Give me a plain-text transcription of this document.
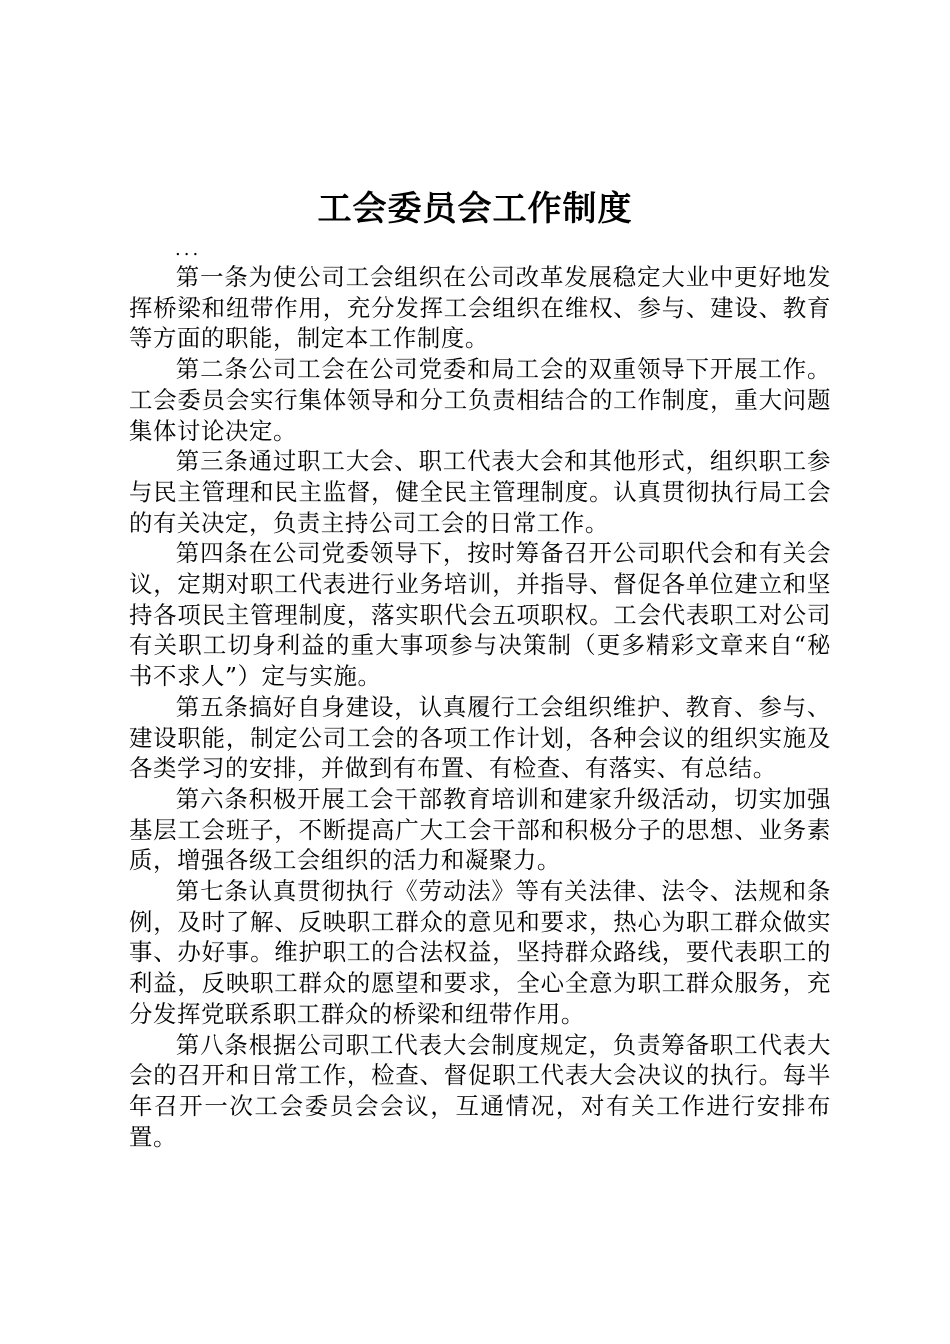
工会委员会工作制度
...

第一条为使公司工会组织在公司改革发展稳定大业中更好地发挥桥梁和纽带作用，充分发挥工会组织在维权、参与、建设、教育等方面的职能，制定本工作制度。

第二条公司工会在公司党委和局工会的双重领导下开展工作。工会委员会实行集体领导和分工负责相结合的工作制度，重大问题集体讨论决定。

第三条通过职工大会、职工代表大会和其他形式，组织职工参与民主管理和民主监督，健全民主管理制度。认真贯彻执行局工会的有关决定，负责主持公司工会的日常工作。

第四条在公司党委领导下，按时筹备召开公司职代会和有关会议，定期对职工代表进行业务培训，并指导、督促各单位建立和坚持各项民主管理制度，落实职代会五项职权。工会代表职工对公司有关职工切身利益的重大事项参与决策制（更多精彩文章来自“秘书不求人”）定与实施。

第五条搞好自身建设，认真履行工会组织维护、教育、参与、建设职能，制定公司工会的各项工作计划，各种会议的组织实施及各类学习的安排，并做到有布置、有检查、有落实、有总结。

第六条积极开展工会干部教育培训和建家升级活动，切实加强基层工会班子，不断提高广大工会干部和积极分子的思想、业务素质，增强各级工会组织的活力和凝聚力。

第七条认真贯彻执行《劳动法》等有关法律、法令、法规和条例，及时了解、反映职工群众的意见和要求，热心为职工群众做实事、办好事。维护职工的合法权益，坚持群众路线，要代表职工的利益，反映职工群众的愿望和要求，全心全意为职工群众服务，充分发挥党联系职工群众的桥梁和纽带作用。

第八条根据公司职工代表大会制度规定，负责筹备职工代表大会的召开和日常工作，检查、督促职工代表大会决议的执行。每半年召开一次工会委员会会议，互通情况，对有关工作进行安排布置。
